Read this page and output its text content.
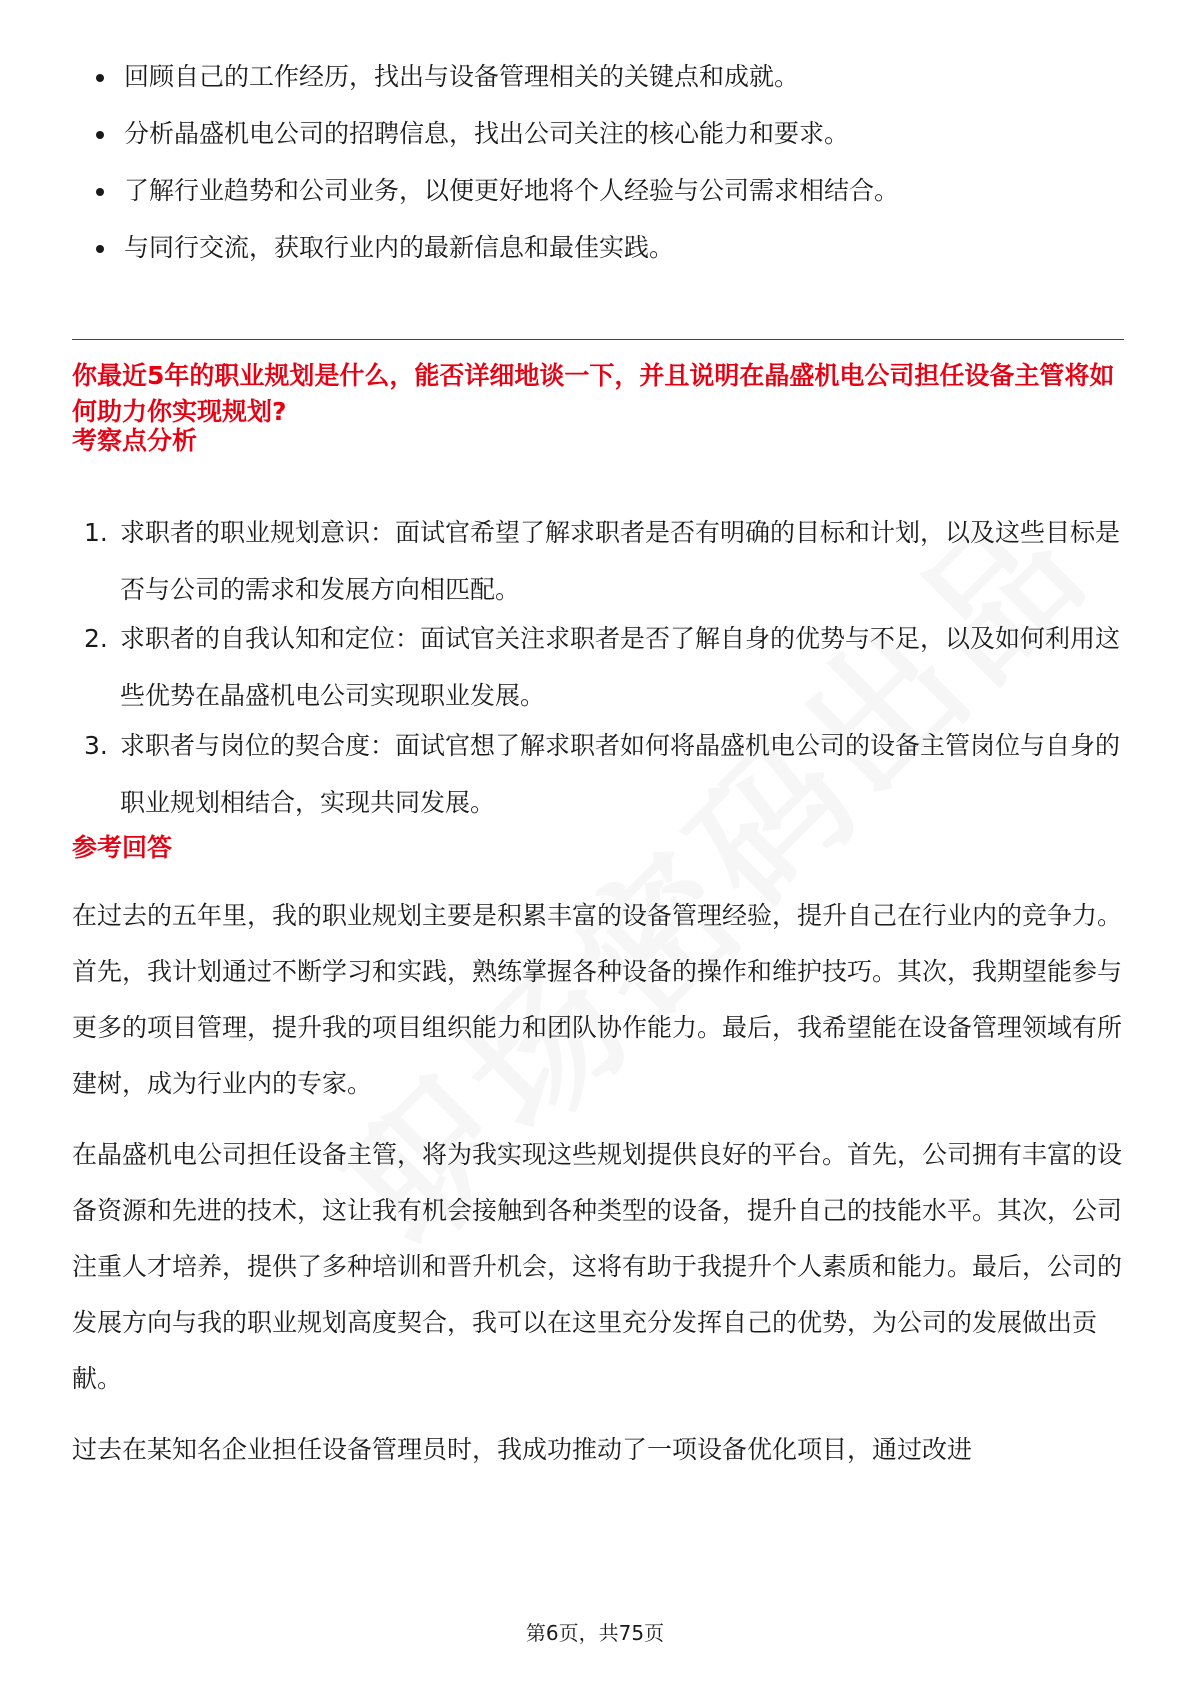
回顾自己的工作经历，找出与设备管理相关的关键点和成就。
分析晶盛机电公司的招聘信息，找出公司关注的核心能力和要求。
了解行业趋势和公司业务，以便更好地将个人经验与公司需求相结合。
与同行交流，获取行业内的最新信息和最佳实践。
你最近5年的职业规划是什么，能否详细地谈一下，并且说明在晶盛机电公司担任设备主管将如何助力你实现规划?
考察点分析
1. 求职者的职业规划意识：面试官希望了解求职者是否有明确的目标和计划，以及这些目标是否与公司的需求和发展方向相匹配。
2. 求职者的自我认知和定位：面试官关注求职者是否了解自身的优势与不足，以及如何利用这些优势在晶盛机电公司实现职业发展。
3. 求职者与岗位的契合度：面试官想了解求职者如何将晶盛机电公司的设备主管岗位与自身的职业规划相结合，实现共同发展。
参考回答

在过去的五年里，我的职业规划主要是积累丰富的设备管理经验，提升自己在行业内的竞争力。首先，我计划通过不断学习和实践，熟练掌握各种设备的操作和维护技巧。其次，我期望能参与更多的项目管理，提升我的项目组织能力和团队协作能力。最后，我希望能在设备管理领域有所建树，成为行业内的专家。

在晶盛机电公司担任设备主管，将为我实现这些规划提供良好的平台。首先，公司拥有丰富的设备资源和先进的技术，这让我有机会接触到各种类型的设备，提升自己的技能水平。其次，公司注重人才培养，提供了多种培训和晋升机会，这将有助于我提升个人素质和能力。最后，公司的发展方向与我的职业规划高度契合，我可以在这里充分发挥自己的优势，为公司的发展做出贡献。

过去在某知名企业担任设备管理员时，我成功推动了一项设备优化项目，通过改进

第6页，共75页
